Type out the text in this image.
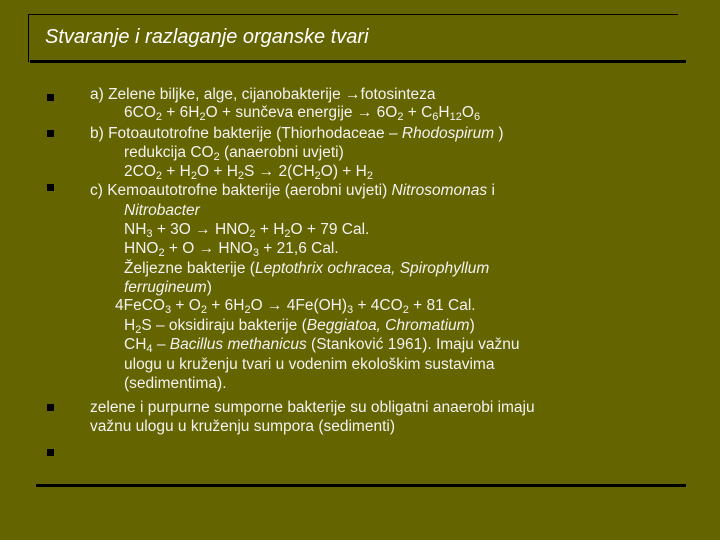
Stvaranje i razlaganje organske tvari
a) Zelene biljke, alge, cijanobakterije →fotosinteza
$6CO_2 + 6H_2O$ + sunčeva energije → $6O_2 + C_6H_{12}O_6$
b) Fotoautotrofne bakterije (Thiorhodaceae – Rhodospirum )
redukcija $CO_2$ (anaerobni uvjeti)
$2CO_2 + H_2O + H_2S \to 2(CH_2O) + H_2$
c) Kemoautotrofne bakterije (aerobni uvjeti) Nitrosomonas i
Nitrobacter
$NH_3 + 3O \to HNO_2 + H_2O + 79$ Cal.
$HNO_2 + O \to HNO_3 + 21,6$ Cal.
Željezne bakterije (Leptothrix ochracea, Spirophyllum
ferrugineum)
4FeCO$_3$ + $O_2 + 6H_2O \to 4Fe(OH)_3 + 4CO_2 + 81$ Cal.
$H_2S$ – oksidiraju bakterije (Beggiatoa, Chromatium)
$CH_4$ – Bacillus methanicus (Stanković 1961). Imaju važnu
ulogu u kruženju tvari u vodenim ekološkim sustavima
(sedimentima).
zelene i purpurne sumporne bakterije su obligatni anaerobi imaju
važnu ulogu u kruženju sumpora (sedimenti)
